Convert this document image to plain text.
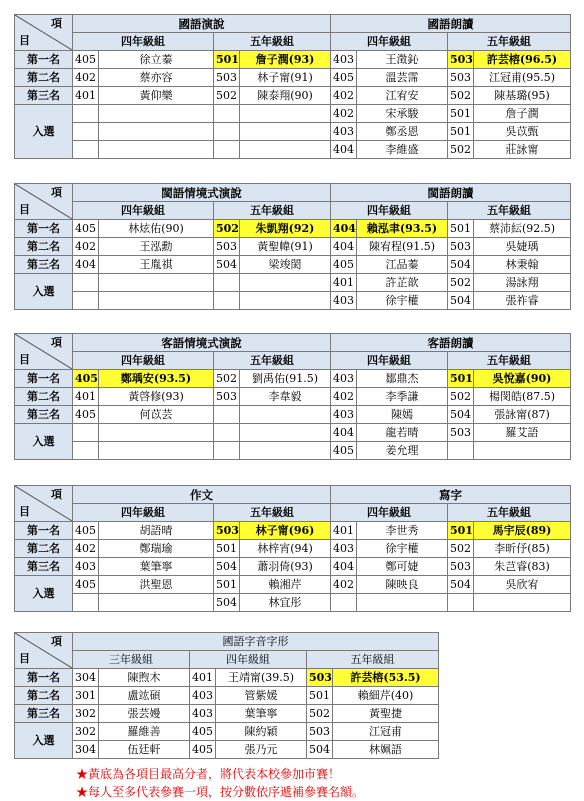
項
目	國語演說				國語朗讀			
	四年級組		五年級組		四年級組		五年級組	
第一名	405	徐立蓁	501	詹子潤(93)	403	王澂鈊	503	許芸榕(96.5)
第二名	402	蔡亦容	503	林子甯(91)	405	溫芸霈	503	江冠甫(95.5)
第三名	401	黃仰樂	502	陳泰翔(90)	402	江宥安	502	陳基璐(95)
入選					402	宋承駿	501	詹子潤
					403	鄭丞恩	501	吳苡甄
					404	李維盛	502	莊詠甯
項
目	閩語情境式演說				閩語朗讀			
	四年級組		五年級組		四年級組		五年級組	
第一名	405	林炫佑(90)	502	朱凱翔(92)	404	賴泓聿(93.5)	501	蔡沛紜(92.5)
第二名	402	王泓勳	503	黃聖幃(91)	404	陳宥程(91.5)	503	吳婕瑀
第三名	404	王胤祺	504	梁竣閎	405	江品蓁	504	林秉翰
入選					401	許芷歆	502	湯詠翔
					403	徐宇權	504	張祚睿
項
目	客語情境式演說				客語朗讀			
	四年級組		五年級組		四年級組		五年級組	
第一名	405	鄭瑀安(93.5)	502	劉禹佑(91.5)	403	鄒鼎杰	501	吳悅嘉(90)
第二名	401	黃啓修(93)	503	李韋毅	402	李季謙	502	楊閔皓(87.5)
第三名	405	何苡芸			403	陳嫣	504	張詠甯(87)
入選					404	龍若晴	503	羅艾語
					405	姜允理		
項
目	作文				寫字			
	四年級組		五年級組		四年級組		五年級組	
第一名	405	胡語晴	503	林子甯(96)	401	李世秀	501	馬宇辰(89)
第二名	402	鄭瑞瑜	501	林梓宵(94)	403	徐宇權	502	李昕伃(85)
第三名	403	葉筆寧	504	蕭羽倚(93)	404	鄭可婕	503	朱芑睿(83)
入選	405	洪聖恩	501	賴湘芹	402	陳映良	504	吳欣宥
			504	林宜彤				
項
目	國語字音字形					
	三年級組		四年級組		五年級組	
第一名	304	陳煦木	401	王靖甯(39.5)	503	許芸榕(53.5)
第二名	301	盧竑碩	403	管紫媛	501	賴細芹(40)
第三名	302	張芸嫚	403	葉筆寧	502	黃聖捷
入選	302	羅維善	405	陳約穎	503	江冠甫
	304	伍廷軒	405	張乃元	504	林姵語
★黃底為各項目最高分者，將代表本校參加市賽！
★每人至多代表參賽一項，按分數依序遞補參賽名額。
